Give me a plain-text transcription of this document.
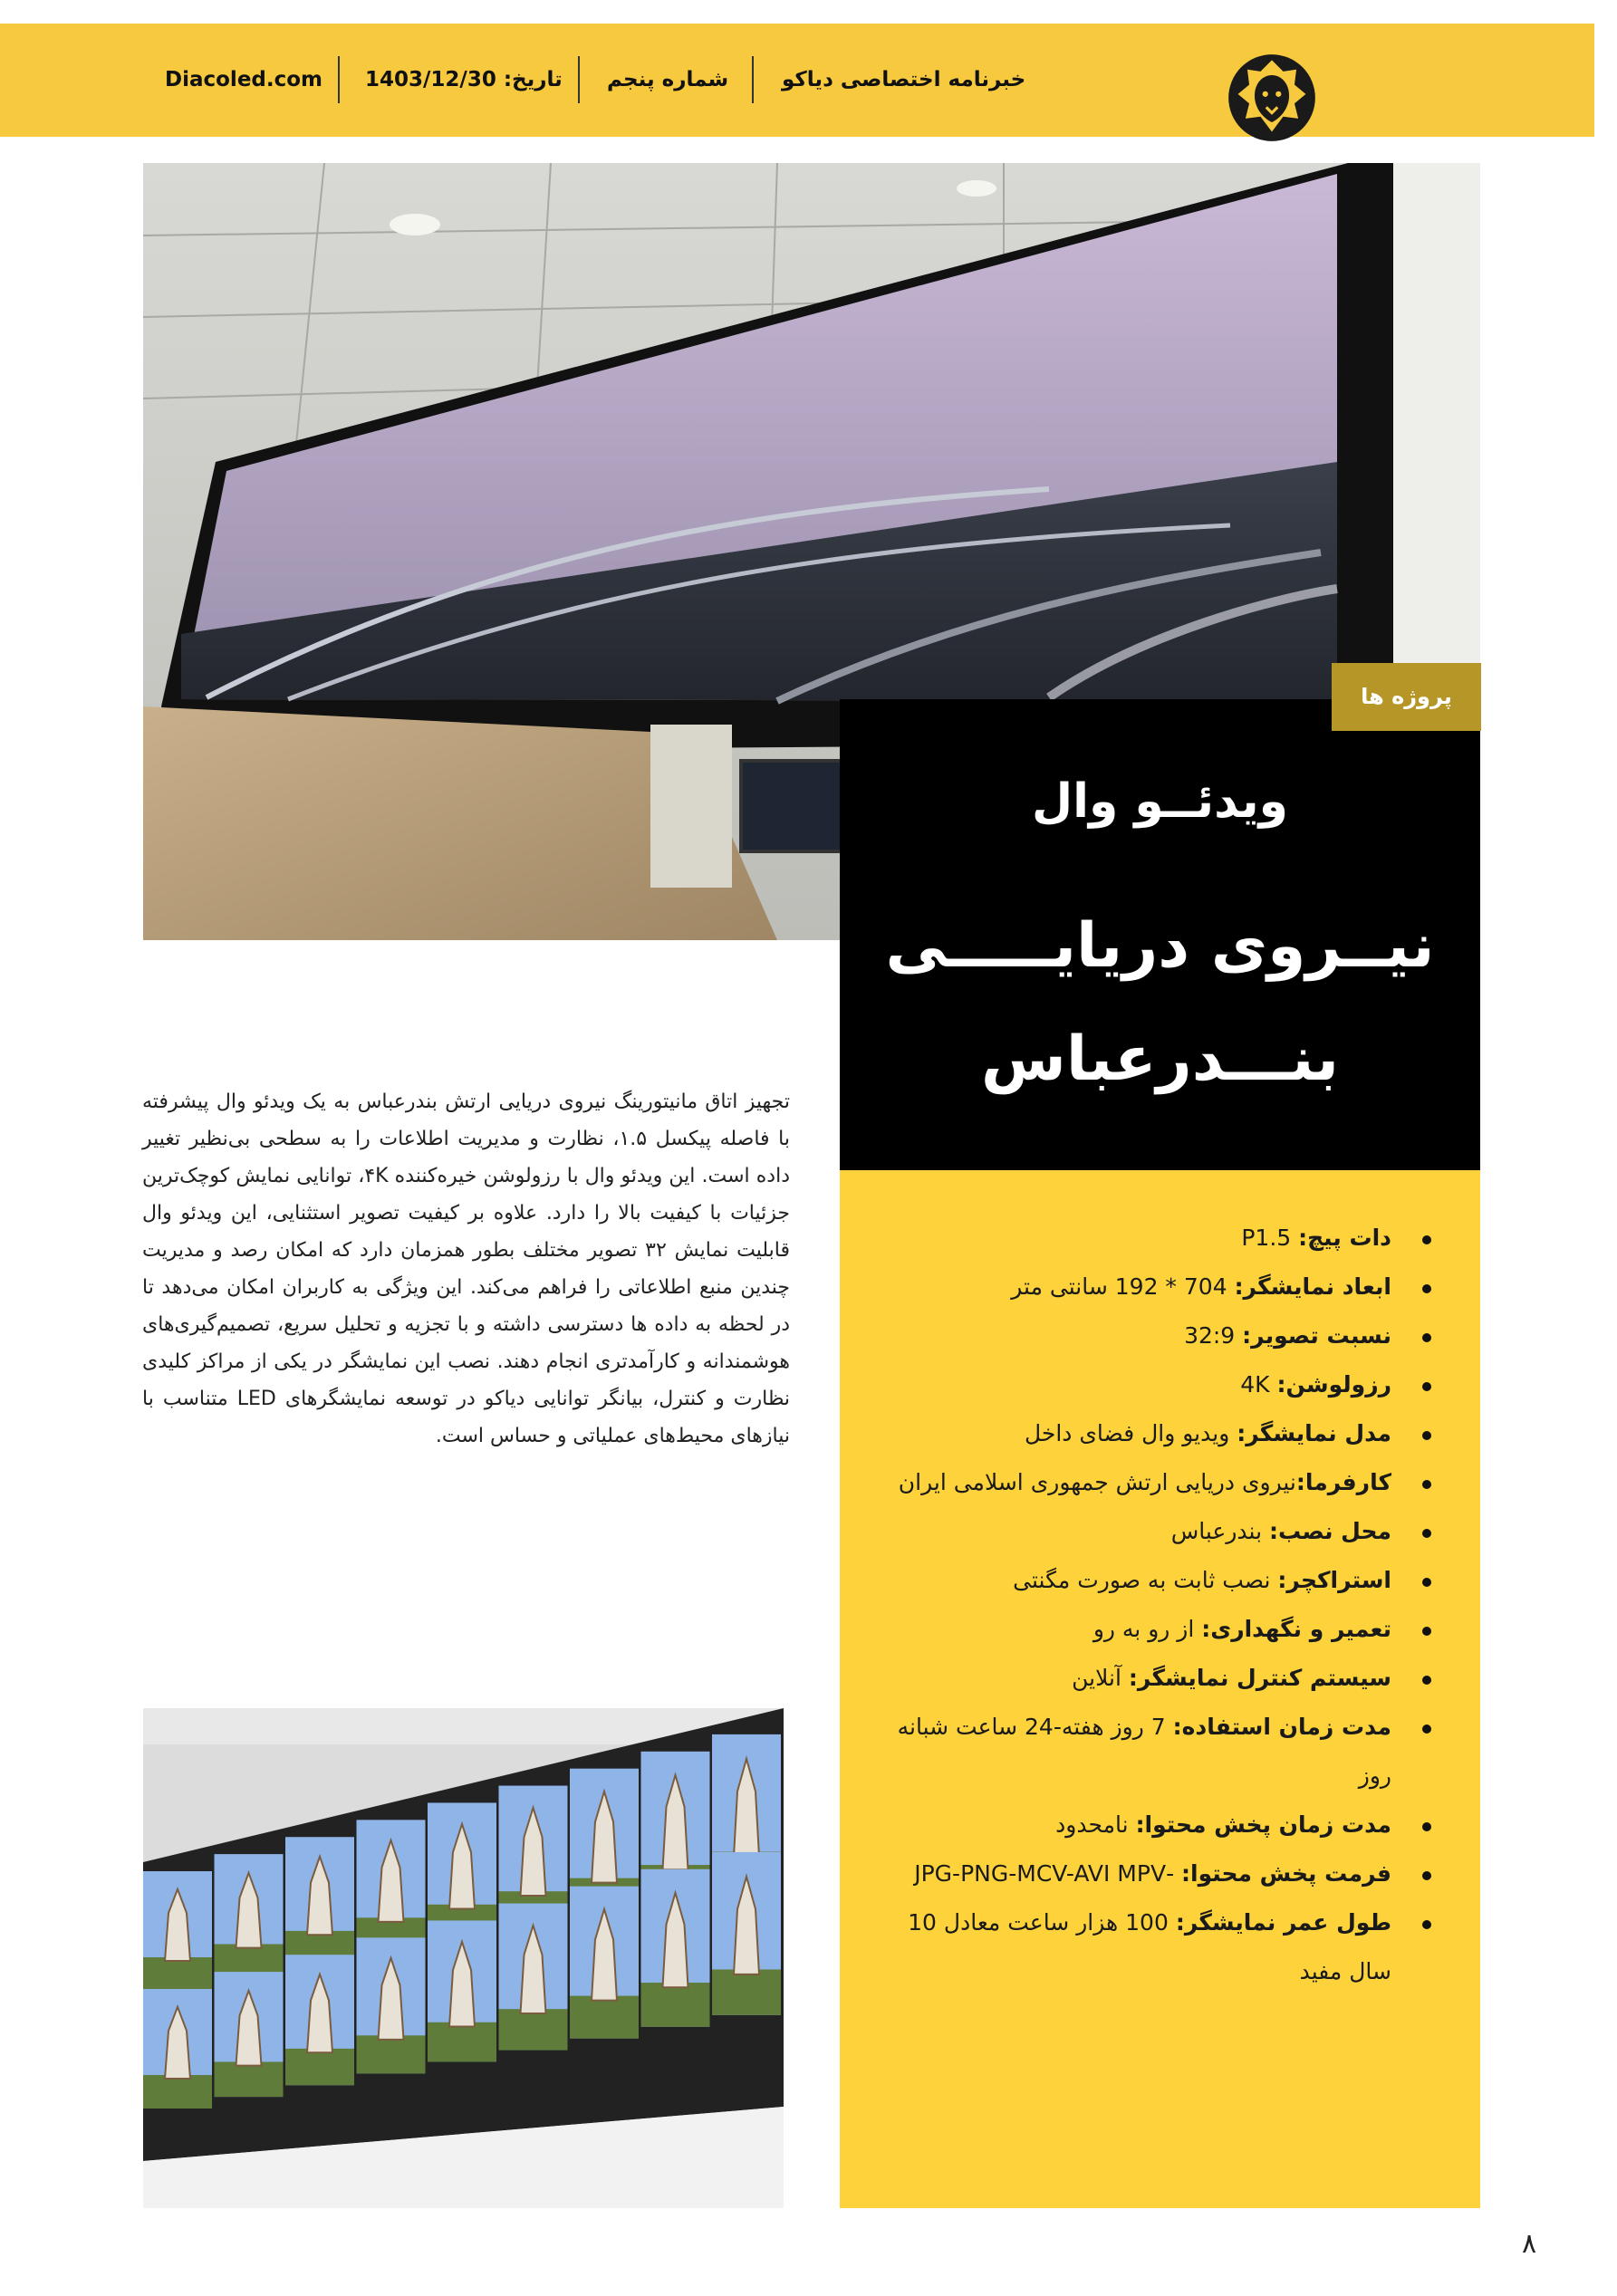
Diacoled.com تاریخ: 1403/12/30 شماره پنجم	خبرنامه اختصاصی دیاکو
پروژه ها
ویدئــو وال
نیــروی دریایـــــی
بنـــدرعباس
دات پیچ: P1.5
ابعاد نمایشگر: 704 * 192 سانتی متر
نسبت تصویر: 32:9
رزولوشن: 4K
مدل نمایشگر: ویدیو وال فضای داخل
کارفرما:نیروی دریایی ارتش جمهوری اسلامی ایران
محل نصب: بندرعباس
استراکچر: نصب ثابت به صورت مگنتی
تعمیر و نگهداری: از رو به رو
سیستم کنترل نمایشگر: آنلاین
مدت زمان استفاده: 7 روز هفته-24 ساعت شبانه روز
مدت زمان پخش محتوا: نامحدود
فرمت پخش محتوا: -JPG-PNG-MCV-AVI MPV
طول عمر نمایشگر: 100 هزار ساعت معادل 10 سال مفید
تجهیز اتاق مانیتورینگ نیروی دریایی ارتش بندرعباس به یک ویدئو وال پیشرفته با فاصله پیکسل ۱.۵، نظارت و مدیریت اطلاعات را به سطحی بی‌نظیر تغییر داده است. این ویدئو وال با رزولوشن خیره‌کننده ۴K، توانایی نمایش کوچک‌ترین جزئیات با کیفیت بالا را دارد. علاوه بر کیفیت تصویر استثنایی، این ویدئو وال قابلیت نمایش ۳۲ تصویر مختلف بطور همزمان دارد که امکان رصد و مدیریت چندین منبع اطلاعاتی را فراهم می‌کند. این ویژگی به کاربران امکان می‌دهد تا در لحظه به داده ها دسترسی داشته و با تجزیه و تحلیل سریع، تصمیم‌گیری‌های هوشمندانه و کارآمدتری انجام دهند. نصب این نمایشگر در یکی از مراکز کلیدی نظارت و کنترل، بیانگر توانایی دیاکو در توسعه نمایشگرهای LED متناسب با نیازهای محیط‌های عملیاتی و حساس است.
۸
